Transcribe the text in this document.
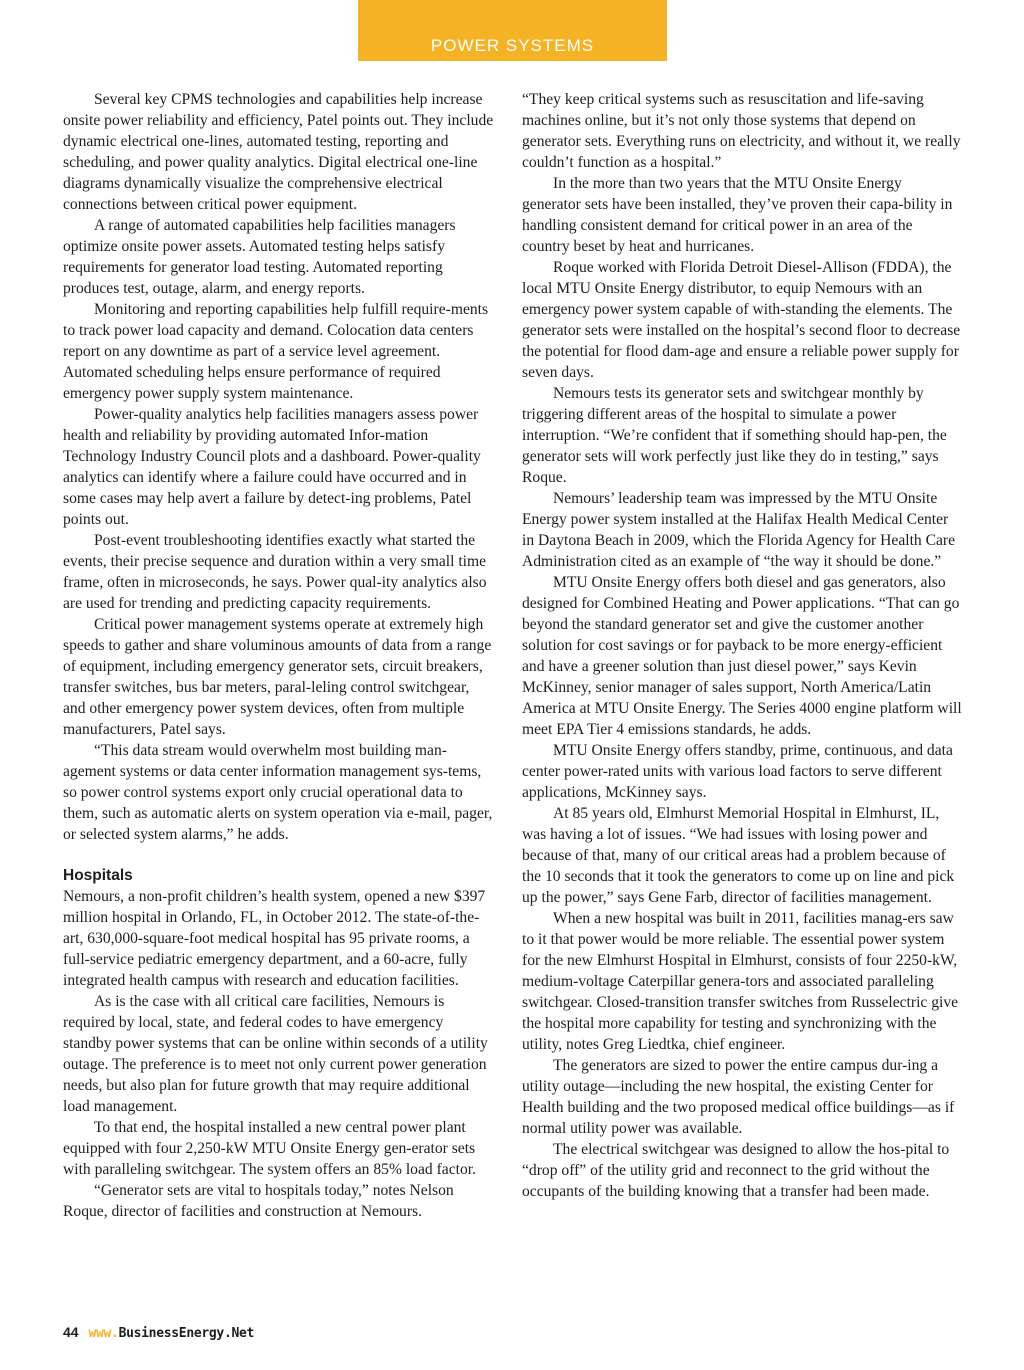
POWER SYSTEMS

Several key CPMS technologies and capabilities help increase onsite power reliability and efficiency, Patel points out. They include dynamic electrical one-lines, automated testing, reporting and scheduling, and power quality analytics. Digital electrical one-line diagrams dynamically visualize the comprehensive electrical connections between critical power equipment.

A range of automated capabilities help facilities managers optimize onsite power assets. Automated testing helps satisfy requirements for generator load testing. Automated reporting produces test, outage, alarm, and energy reports.

Monitoring and reporting capabilities help fulfill require-ments to track power load capacity and demand. Colocation data centers report on any downtime as part of a service level agreement. Automated scheduling helps ensure performance of required emergency power supply system maintenance.

Power-quality analytics help facilities managers assess power health and reliability by providing automated Infor-mation Technology Industry Council plots and a dashboard. Power-quality analytics can identify where a failure could have occurred and in some cases may help avert a failure by detect-ing problems, Patel points out.

Post-event troubleshooting identifies exactly what started the events, their precise sequence and duration within a very small time frame, often in microseconds, he says. Power qual-ity analytics also are used for trending and predicting capacity requirements.

Critical power management systems operate at extremely high speeds to gather and share voluminous amounts of data from a range of equipment, including emergency generator sets, circuit breakers, transfer switches, bus bar meters, paral-leling control switchgear, and other emergency power system devices, often from multiple manufacturers, Patel says.

“This data stream would overwhelm most building man-agement systems or data center information management sys-tems, so power control systems export only crucial operational data to them, such as automatic alerts on system operation via e-mail, pager, or selected system alarms,” he adds.

Hospitals

Nemours, a non-profit children’s health system, opened a new $397 million hospital in Orlando, FL, in October 2012. The state-of-the-art, 630,000-square-foot medical hospital has 95 private rooms, a full-service pediatric emergency department, and a 60-acre, fully integrated health campus with research and education facilities.

As is the case with all critical care facilities, Nemours is required by local, state, and federal codes to have emergency standby power systems that can be online within seconds of a utility outage. The preference is to meet not only current power generation needs, but also plan for future growth that may require additional load management.

To that end, the hospital installed a new central power plant equipped with four 2,250-kW MTU Onsite Energy gen-erator sets with paralleling switchgear. The system offers an 85% load factor.

“Generator sets are vital to hospitals today,” notes Nelson Roque, director of facilities and construction at Nemours.

“They keep critical systems such as resuscitation and life-saving machines online, but it’s not only those systems that depend on generator sets. Everything runs on electricity, and without it, we really couldn’t function as a hospital.”

In the more than two years that the MTU Onsite Energy generator sets have been installed, they’ve proven their capa-bility in handling consistent demand for critical power in an area of the country beset by heat and hurricanes.

Roque worked with Florida Detroit Diesel-Allison (FDDA), the local MTU Onsite Energy distributor, to equip Nemours with an emergency power system capable of with-standing the elements. The generator sets were installed on the hospital’s second floor to decrease the potential for flood dam-age and ensure a reliable power supply for seven days.

Nemours tests its generator sets and switchgear monthly by triggering different areas of the hospital to simulate a power interruption. “We’re confident that if something should hap-pen, the generator sets will work perfectly just like they do in testing,” says Roque.

Nemours’ leadership team was impressed by the MTU Onsite Energy power system installed at the Halifax Health Medical Center in Daytona Beach in 2009, which the Florida Agency for Health Care Administration cited as an example of “the way it should be done.”

MTU Onsite Energy offers both diesel and gas generators, also designed for Combined Heating and Power applications. “That can go beyond the standard generator set and give the customer another solution for cost savings or for payback to be more energy-efficient and have a greener solution than just diesel power,” says Kevin McKinney, senior manager of sales support, North America/Latin America at MTU Onsite Energy. The Series 4000 engine platform will meet EPA Tier 4 emissions standards, he adds.

MTU Onsite Energy offers standby, prime, continuous, and data center power-rated units with various load factors to serve different applications, McKinney says.

At 85 years old, Elmhurst Memorial Hospital in Elmhurst, IL, was having a lot of issues. “We had issues with losing power and because of that, many of our critical areas had a problem because of the 10 seconds that it took the generators to come up on line and pick up the power,” says Gene Farb, director of facilities management.

When a new hospital was built in 2011, facilities manag-ers saw to it that power would be more reliable. The essential power system for the new Elmhurst Hospital in Elmhurst, consists of four 2250-kW, medium-voltage Caterpillar genera-tors and associated paralleling switchgear. Closed-transition transfer switches from Russelectric give the hospital more capability for testing and synchronizing with the utility, notes Greg Liedtka, chief engineer.

The generators are sized to power the entire campus dur-ing a utility outage—including the new hospital, the existing Center for Health building and the two proposed medical office buildings—as if normal utility power was available.

The electrical switchgear was designed to allow the hos-pital to “drop off” of the utility grid and reconnect to the grid without the occupants of the building knowing that a transfer had been made.

44 www.BusinessEnergy.Net
